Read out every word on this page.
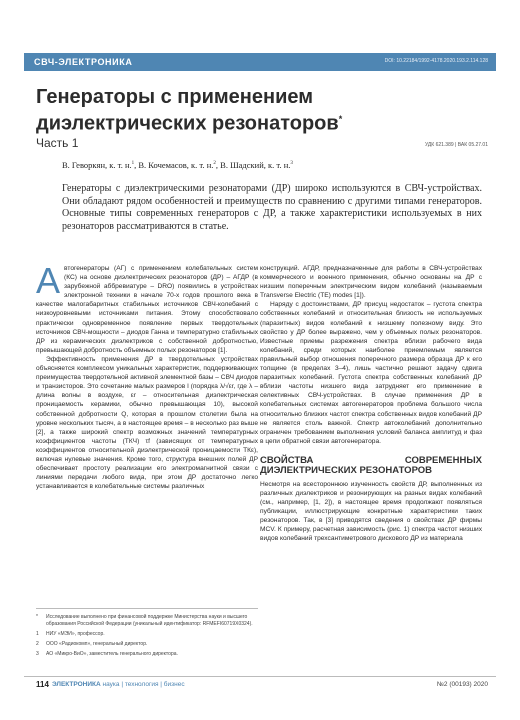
СВЧ-ЭЛЕКТРОНИКА	DOI: 10.22184/1992-4178.2020.193.2.114.128
Генераторы с применением диэлектрических резонаторов*
Часть 1	УДК 621.389 | ВАК 05.27.01
В. Геворкян, к. т. н.$^1$, В. Кочемасов, к. т. н.$^2$, В. Шадский, к. т. н.$^3$
Генераторы с диэлектрическими резонаторами (ДР) широко используются в СВЧ-устройствах. Они обладают рядом особенностей и преимуществ по сравнению с другими типами генераторов. Основные типы современных генераторов с ДР, а также характеристики используемых в них резонаторов рассматриваются в статье.

Автогенераторы (АГ) с применением колебательных систем (КС) на основе диэлектрических резонаторов (ДР) – АГДР (в зарубежной аббревиатуре – DRO) появились в устройствах электронной техники в начале 70-х годов прошлого века в качестве малогабаритных стабильных источников СВЧ-колебаний с низкоуровневыми источниками питания. Этому способствовало практически одновременное появление первых твердотельных источников СВЧ-мощности – диодов Ганна и температурно стабильных ДР из керамических диэлектриков с собственной добротностью, превышающей добротность объемных полых резонаторов [1].

Эффективность применения ДР в твердотельных устройствах объясняется комплексом уникальных характеристик, поддерживающих преимущества твердотельной активной элементной базы – СВЧ диодов и транзисторов. Это сочетание малых размеров l (порядка λ/√εr, где λ – длина волны в воздухе, εr – относительная диэлектрическая проницаемость керамики, обычно превышающая 10), высокой собственной добротности Q, которая в прошлом столетии была на уровне нескольких тысяч, а в настоящее время – в несколько раз выше [2], а также широкий спектр возможных значений температурных коэффициентов частоты (ТКЧ) τf (зависящих от температурных коэффициентов относительной диэлектрической проницаемости ТКε), включая нулевые значения. Кроме того, структура внешних полей ДР обеспечивает простоту реализации его электромагнитной связи с линиями передачи любого вида, при этом ДР достаточно легко устанавливается в колебательные системы различных

конструкций. АГДР, предназначенные для работы в СВЧ-устройствах коммерческого и военного применения, обычно основаны на ДР с низшим поперечным электрическим видом колебаний (называемым Transverse Electric (TE) modes [1]).

Наряду с достоинствами, ДР присущ недостаток – густота спектра собственных колебаний и относительная близость не используемых (паразитных) видов колебаний к низшему полезному виду. Это свойство у ДР более выражено, чем у объемных полых резонаторов. Известные приемы разрежения спектра вблизи рабочего вида колебаний, среди которых наиболее приемлемым является правильный выбор отношения поперечного размера образца ДР к его толщине (в пределах 3–4), лишь частично решают задачу сдвига паразитных колебаний. Густота спектра собственных колебаний ДР вблизи частоты низшего вида затрудняет его применение в селективных СВЧ-устройствах. В случае применения ДР в колебательных системах автогенераторов проблема большого числа относительно близких частот спектра собственных видов колебаний ДР не является столь важной. Спектр автоколебаний дополнительно ограничен требованием выполнения условий баланса амплитуд и фаз в цепи обратной связи автогенератора.

СВОЙСТВА СОВРЕМЕННЫХ ДИЭЛЕКТРИЧЕСКИХ РЕЗОНАТОРОВ

Несмотря на всестороннюю изученность свойств ДР, выполненных из различных диэлектриков и резонирующих на разных видах колебаний (см., например, [1, 2]), в настоящее время продолжают появляться публикации, иллюстрирующие конкретные характеристики таких резонаторов. Так, в [3] приводятся сведения о свойствах ДР фирмы MCV. К примеру, расчетная зависимость (рис. 1) спектра частот низших видов колебаний трехсантиметрового дискового ДР из материала

* Исследование выполнено при финансовой поддержке Министерства науки и высшего образования Российской Федерации (уникальный идентификатор: RFMEFI60719X0324).
1 НИУ «МЭИ», профессор.
2 ООО «Радиокомп», генеральный директор.
3 АО «Микро-ВиО», заместитель генерального директора.
114 ЭЛЕКТРОНИКА наука | технология | бизнес	№2 (00193) 2020
